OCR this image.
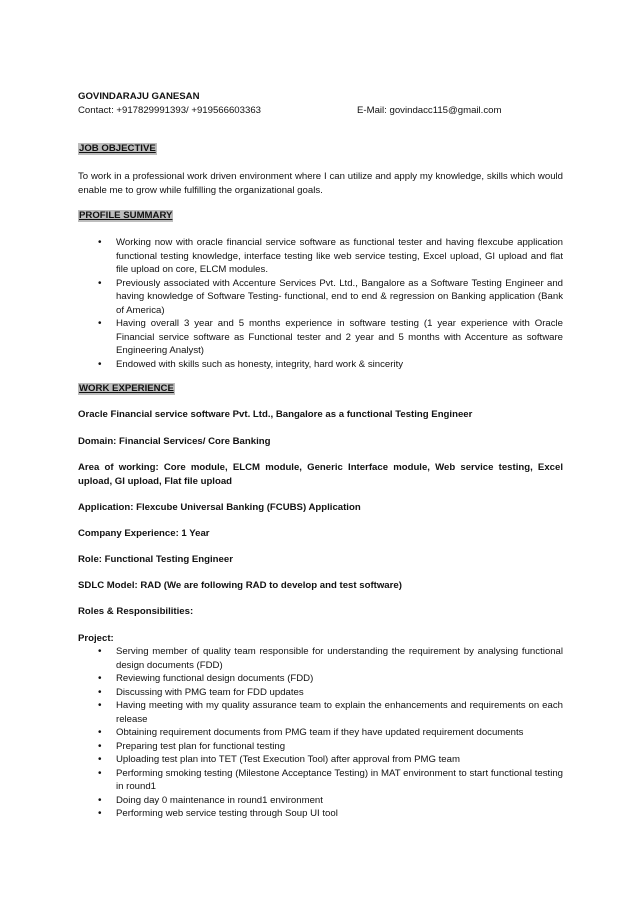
GOVINDARAJU GANESAN
Contact: +917829991393/ +919566603363	E-Mail: govindacc115@gmail.com
JOB OBJECTIVE
To work in a professional work driven environment where I can utilize and apply my knowledge, skills which would enable me to grow while fulfilling the organizational goals.
PROFILE SUMMARY
• Working now with oracle financial service software as functional tester and having flexcube application functional testing knowledge, interface testing like web service testing, Excel upload, GI upload and flat file upload on core, ELCM modules.
• Previously associated with Accenture Services Pvt. Ltd., Bangalore as a Software Testing Engineer and having knowledge of Software Testing- functional, end to end & regression on Banking application (Bank of America)
• Having overall 3 year and 5 months experience in software testing (1 year experience with Oracle Financial service software as Functional tester and 2 year and 5 months with Accenture as software Engineering Analyst)
• Endowed with skills such as honesty, integrity, hard work & sincerity
WORK EXPERIENCE
Oracle Financial service software Pvt. Ltd., Bangalore as a functional Testing Engineer
Domain: Financial Services/ Core Banking
Area of working: Core module, ELCM module, Generic Interface module, Web service testing, Excel upload, GI upload, Flat file upload
Application: Flexcube Universal Banking (FCUBS) Application
Company Experience: 1 Year
Role: Functional Testing Engineer
SDLC Model: RAD (We are following RAD to develop and test software)
Roles & Responsibilities:
Project:
• Serving member of quality team responsible for understanding the requirement by analysing functional design documents (FDD)
• Reviewing functional design documents (FDD)
• Discussing with PMG team for FDD updates
• Having meeting with my quality assurance team to explain the enhancements and requirements on each release
• Obtaining requirement documents from PMG team if they have updated requirement documents
• Preparing test plan for functional testing
• Uploading test plan into TET (Test Execution Tool) after approval from PMG team
• Performing smoking testing (Milestone Acceptance Testing) in MAT environment to start functional testing in round1
• Doing day 0 maintenance in round1 environment
• Performing web service testing through Soup UI tool
